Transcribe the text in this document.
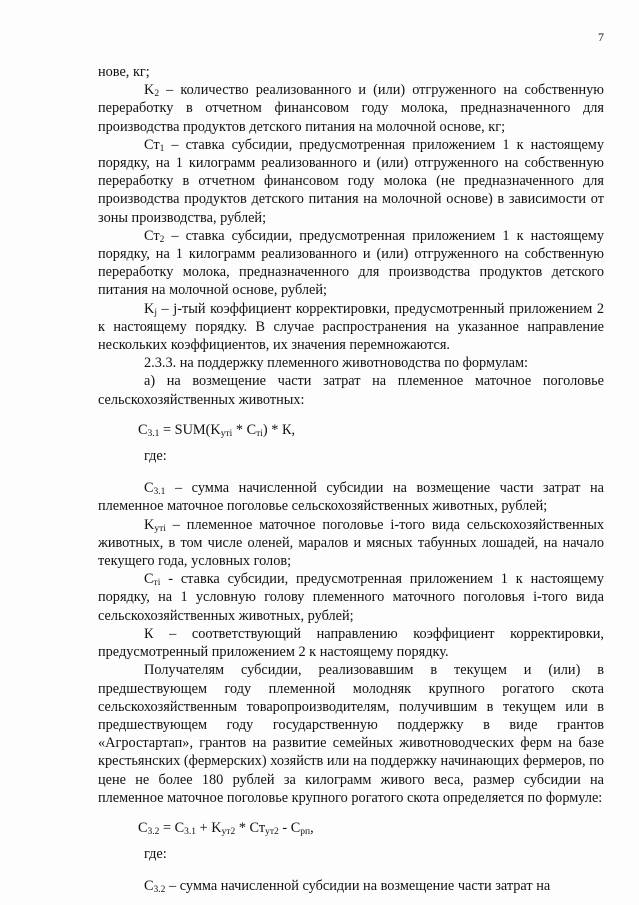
7

нове, кг;

$K_2$ – количество реализованного и (или) отгруженного на собственную переработку в отчетном финансовом году молока, предназначенного для производства продуктов детского питания на молочной основе, кг;

$Ст_1$ – ставка субсидии, предусмотренная приложением 1 к настоящему порядку, на 1 килограмм реализованного и (или) отгруженного на собственную переработку в отчетном финансовом году молока (не предназначенного для производства продуктов детского питания на молочной основе) в зависимости от зоны производства, рублей;

$Ст_2$ – ставка субсидии, предусмотренная приложением 1 к настоящему порядку, на 1 килограмм реализованного и (или) отгруженного на собственную переработку молока, предназначенного для производства продуктов детского питания на молочной основе, рублей;

$K_j - j-тый$ коэффициент корректировки, предусмотренный приложением 2 к настоящему порядку. В случае распространения на указанное направление нескольких коэффициентов, их значения перемножаются.

2.3.3. на поддержку племенного животноводства по формулам:

а) на возмещение части затрат на племенное маточное поголовье сельскохозяйственных животных:

$С_{3.1} = SUM(K_{уті} * С_{ті}) * К$,

где:

$С_{3.1}$ – сумма начисленной субсидии на возмещение части затрат на племенное маточное поголовье сельскохозяйственных животных, рублей;

$K_{уті}$ – племенное маточное поголовье і-того вида сельскохозяйственных животных, в том числе оленей, маралов и мясных табунных лошадей, на начало текущего года, условных голов;

$С_{ті}$ - ставка субсидии, предусмотренная приложением 1 к настоящему порядку, на 1 условную голову племенного маточного поголовья і-того вида сельскохозяйственных животных, рублей;

К – соответствующий направлению коэффициент корректировки, предусмотренный приложением 2 к настоящему порядку.

Получателям субсидии, реализовавшим в текущем и (или) в предшествующем году племенной молодняк крупного рогатого скота сельскохозяйственным товаропроизводителям, получившим в текущем или в предшествующем году государственную поддержку в виде грантов «Агростартап», грантов на развитие семейных животноводческих ферм на базе крестьянских (фермерских) хозяйств или на поддержку начинающих фермеров, по цене не более 180 рублей за килограмм живого веса, размер субсидии на племенное маточное поголовье крупного рогатого скота определяется по формуле:

$С_{3.2} = С_{3.1} + K_{ут2} * Ст_{ут2} - С_{рп}$,

где:

$С_{3.2}$ – сумма начисленной субсидии на возмещение части затрат на
